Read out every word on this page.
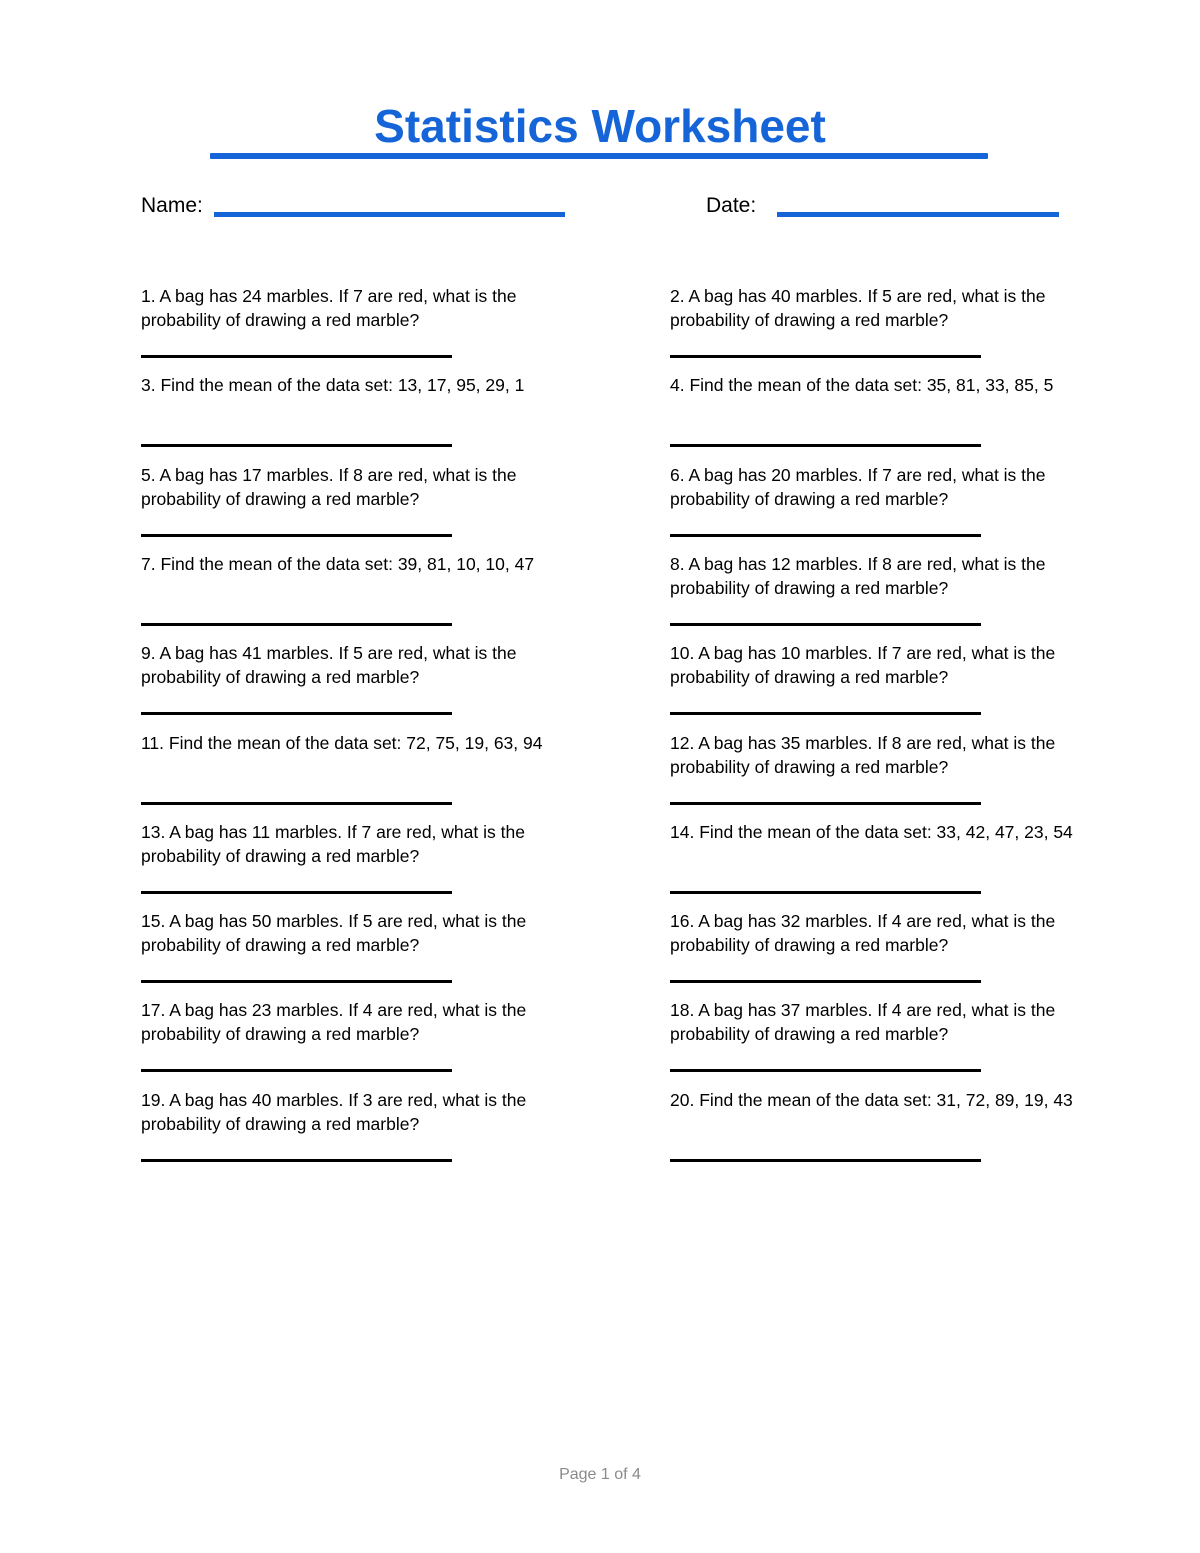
Statistics Worksheet
Name:	Date:

1. A bag has 24 marbles. If 7 are red, what is the probability of drawing a red marble?

2. A bag has 40 marbles. If 5 are red, what is the probability of drawing a red marble?

3. Find the mean of the data set: 13, 17, 95, 29, 1	4. Find the mean of the data set: 35, 81, 33, 85, 5

5. A bag has 17 marbles. If 8 are red, what is the probability of drawing a red marble?

6. A bag has 20 marbles. If 7 are red, what is the probability of drawing a red marble?

7. Find the mean of the data set: 39, 81, 10, 10, 47	8. A bag has 12 marbles. If 8 are red, what is the probability of drawing a red marble?

9. A bag has 41 marbles. If 5 are red, what is the probability of drawing a red marble?

10. A bag has 10 marbles. If 7 are red, what is the probability of drawing a red marble?

11. Find the mean of the data set: 72, 75, 19, 63, 94	12. A bag has 35 marbles. If 8 are red, what is the probability of drawing a red marble?

13. A bag has 11 marbles. If 7 are red, what is the probability of drawing a red marble?

14. Find the mean of the data set: 33, 42, 47, 23, 54

15. A bag has 50 marbles. If 5 are red, what is the probability of drawing a red marble?

16. A bag has 32 marbles. If 4 are red, what is the probability of drawing a red marble?

17. A bag has 23 marbles. If 4 are red, what is the probability of drawing a red marble?

18. A bag has 37 marbles. If 4 are red, what is the probability of drawing a red marble?

19. A bag has 40 marbles. If 3 are red, what is the probability of drawing a red marble?

20. Find the mean of the data set: 31, 72, 89, 19, 43

Page 1 of 4
